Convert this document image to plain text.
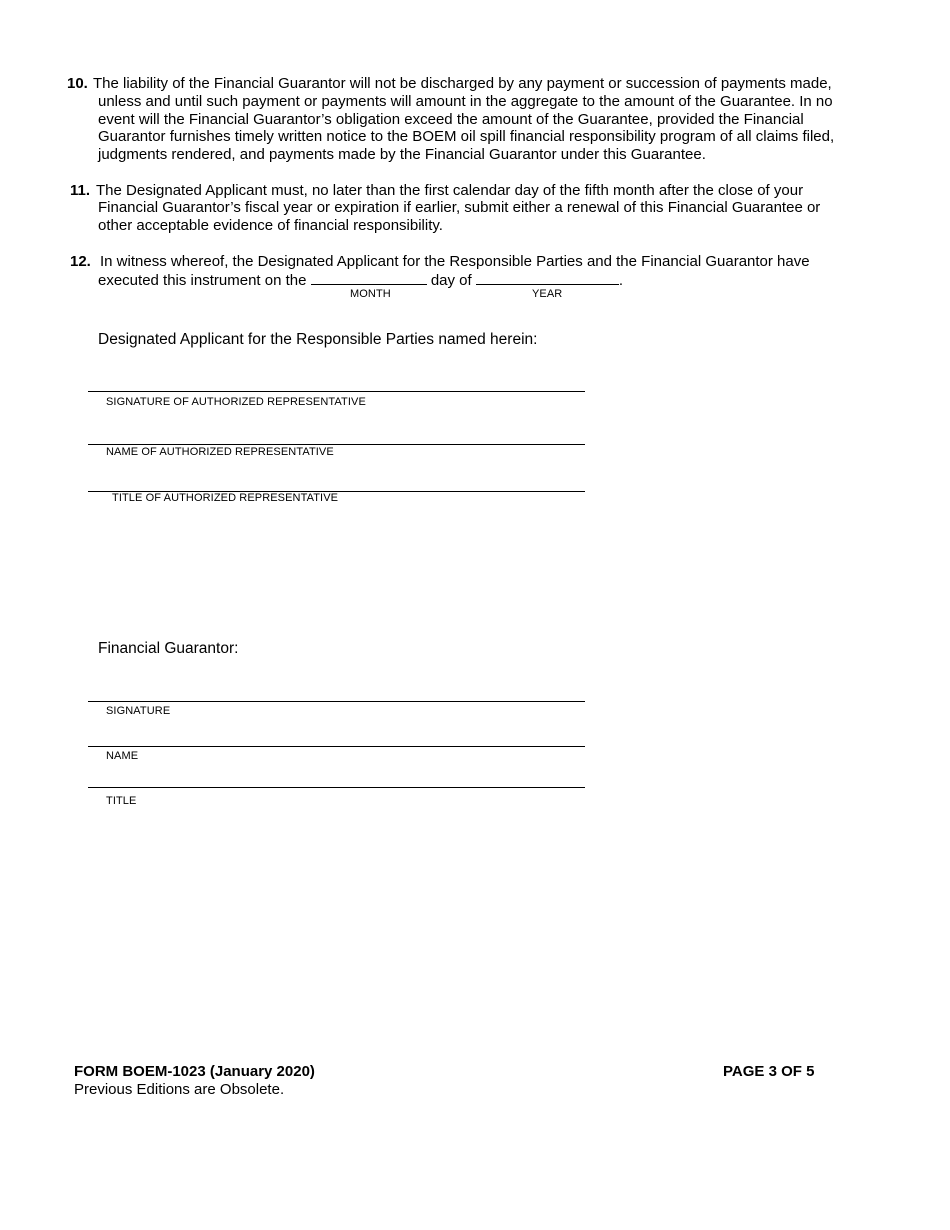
10. The liability of the Financial Guarantor will not be discharged by any payment or succession of payments made,
unless and until such payment or payments will amount in the aggregate to the amount of the Guarantee. In no
event will the Financial Guarantor’s obligation exceed the amount of the Guarantee, provided the Financial
Guarantor furnishes timely written notice to the BOEM oil spill financial responsibility program of all claims filed,
judgments rendered, and payments made by the Financial Guarantor under this Guarantee.
11. The Designated Applicant must, no later than the first calendar day of the fifth month after the close of your
Financial Guarantor’s fiscal year or expiration if earlier, submit either a renewal of this Financial Guarantee or
other acceptable evidence of financial responsibility.
12. In witness whereof, the Designated Applicant for the Responsible Parties and the Financial Guarantor have
executed this instrument on the	day of	.
MONTH	YEAR
Designated Applicant for the Responsible Parties named herein:
SIGNATURE OF AUTHORIZED REPRESENTATIVE
NAME OF AUTHORIZED REPRESENTATIVE
TITLE OF AUTHORIZED REPRESENTATIVE
Financial Guarantor:
SIGNATURE
NAME
TITLE
FORM BOEM-1023 (January 2020)
Previous Editions are Obsolete.
PAGE 3 OF 5
